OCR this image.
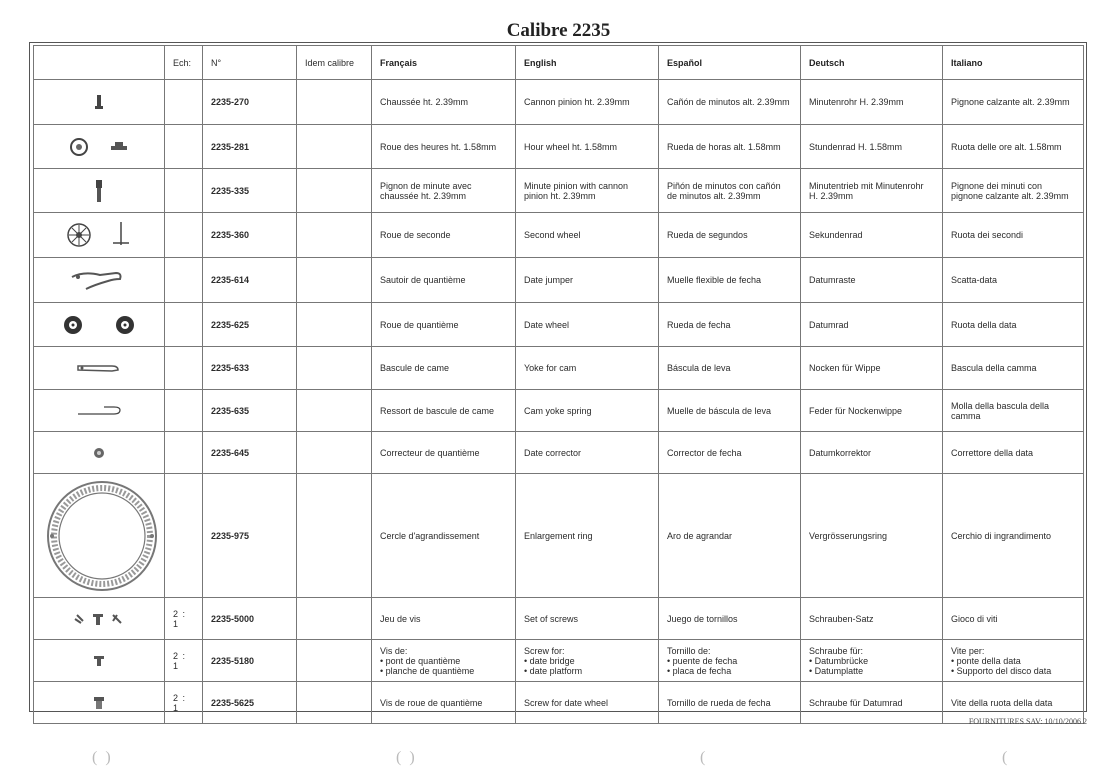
Calibre 2235
	Ech:	N°	Idem calibre	Français	English	Español	Deutsch	Italiano

		2235-270		Chaussée ht. 2.39mm	Cannon pinion ht. 2.39mm	Cañón de minutos alt. 2.39mm	Minutenrohr H. 2.39mm	Pignone calzante alt. 2.39mm

		2235-281		Roue des heures ht. 1.58mm	Hour wheel ht. 1.58mm	Rueda de horas alt. 1.58mm	Stundenrad H. 1.58mm	Ruota delle ore alt. 1.58mm

		2235-335		Pignon de minute avec chaussée ht. 2.39mm	Minute pinion with cannon pinion ht. 2.39mm	Piñón de minutos con cañón de minutos alt. 2.39mm	Minutentrieb mit Minutenrohr H. 2.39mm	Pignone dei minuti con pignone calzante alt. 2.39mm

		2235-360		Roue de seconde	Second wheel	Rueda de segundos	Sekundenrad	Ruota dei secondi

		2235-614		Sautoir de quantième	Date jumper	Muelle flexible de fecha	Datumraste	Scatta-data

		2235-625		Roue de quantième	Date wheel	Rueda de fecha	Datumrad	Ruota della data

		2235-633		Bascule de came	Yoke for cam	Báscula de leva	Nocken für Wippe	Bascula della camma

		2235-635		Ressort de bascule de came	Cam yoke spring	Muelle de báscula de leva	Feder für Nockenwippe	Molla della bascula della camma

		2235-645		Correcteur de quantième	Date corrector	Corrector de fecha	Datumkorrektor	Correttore della data

		2235-975		Cercle d'agrandissement	Enlargement ring	Aro de agrandar	Vergrösserungsring	Cerchio di ingrandimento

	2 : 1	2235-5000		Jeu de vis	Set of screws	Juego de tornillos	Schrauben-Satz	Gioco di viti

	2 : 1	2235-5180		Vis de:
• pont de quantième
• planche de quantième	Screw for:
• date bridge
• date platform	Tornillo de:
• puente de fecha
• placa de fecha	Schraube für:
• Datumbrücke
• Datumplatte	Vite per:
• ponte della data
• Supporto del disco data

	2 : 1	2235-5625		Vis de roue de quantième	Screw for date wheel	Tornillo de rueda de fecha	Schraube für Datumrad	Vite della ruota della data
FOURNITURES SAV: 10/10/2006 2
(  )	(  )	(	(
